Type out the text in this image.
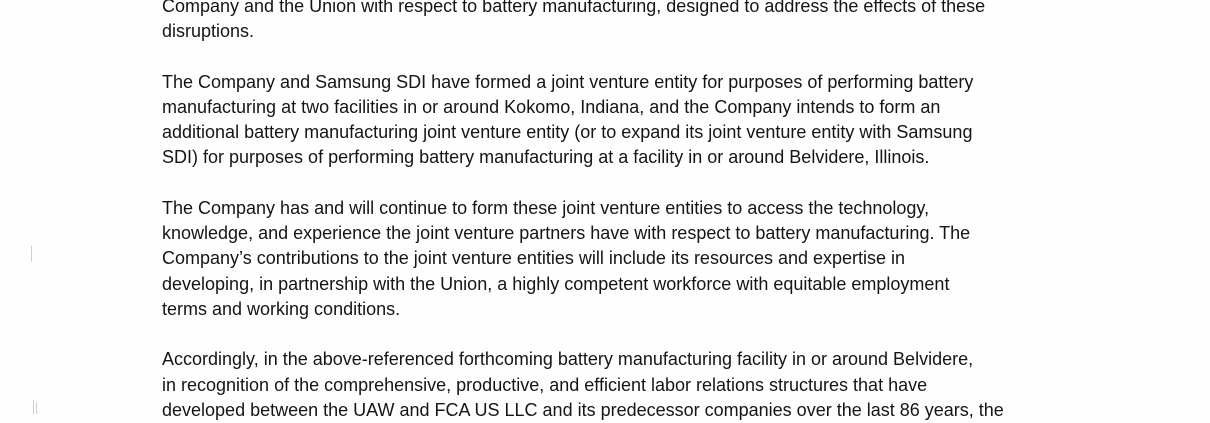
Company and the Union with respect to battery manufacturing, designed to address the effects of these
disruptions.

The Company and Samsung SDI have formed a joint venture entity for purposes of performing battery
manufacturing at two facilities in or around Kokomo, Indiana, and the Company intends to form an
additional battery manufacturing joint venture entity (or to expand its joint venture entity with Samsung
SDI) for purposes of performing battery manufacturing at a facility in or around Belvidere, Illinois.

The Company has and will continue to form these joint venture entities to access the technology,
knowledge, and experience the joint venture partners have with respect to battery manufacturing. The
Company’s contributions to the joint venture entities will include its resources and expertise in
developing, in partnership with the Union, a highly competent workforce with equitable employment
terms and working conditions.

Accordingly, in the above-referenced forthcoming battery manufacturing facility in or around Belvidere,
in recognition of the comprehensive, productive, and efficient labor relations structures that have
developed between the UAW and FCA US LLC and its predecessor companies over the last 86 years, the
